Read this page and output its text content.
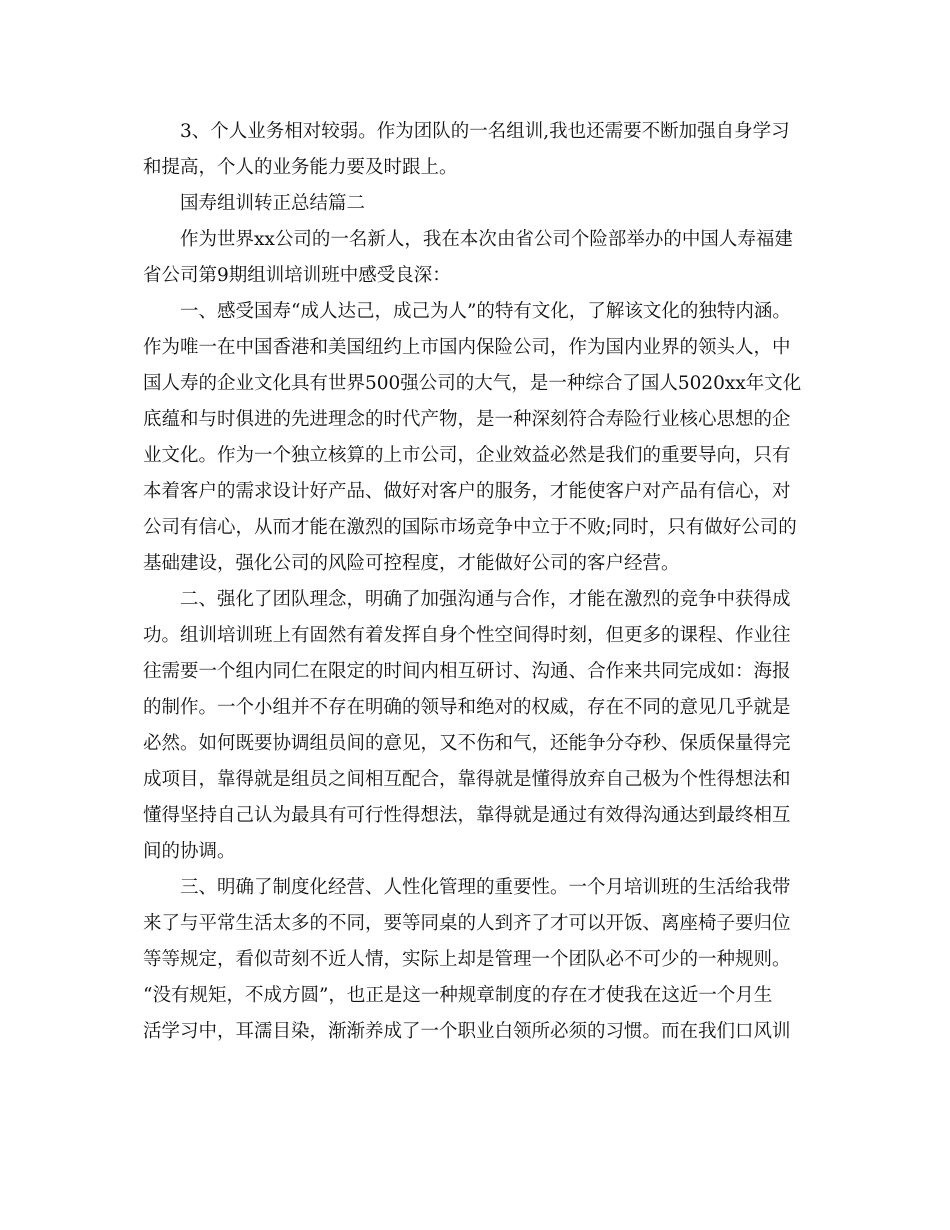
3、个人业务相对较弱。作为团队的一名组训,我也还需要不断加强自身学习
和提高，个人的业务能力要及时跟上。
国寿组训转正总结篇二
作为世界xx公司的一名新人，我在本次由省公司个险部举办的中国人寿福建
省公司第9期组训培训班中感受良深：
一、感受国寿“成人达己，成己为人”的特有文化，了解该文化的独特内涵。
作为唯一在中国香港和美国纽约上市国内保险公司，作为国内业界的领头人，中
国人寿的企业文化具有世界500强公司的大气，是一种综合了国人5020xx年文化
底蕴和与时俱进的先进理念的时代产物，是一种深刻符合寿险行业核心思想的企
业文化。作为一个独立核算的上市公司，企业效益必然是我们的重要导向，只有
本着客户的需求设计好产品、做好对客户的服务，才能使客户对产品有信心，对
公司有信心，从而才能在激烈的国际市场竞争中立于不败;同时，只有做好公司的
基础建设，强化公司的风险可控程度，才能做好公司的客户经营。
二、强化了团队理念，明确了加强沟通与合作，才能在激烈的竞争中获得成
功。组训培训班上有固然有着发挥自身个性空间得时刻，但更多的课程、作业往
往需要一个组内同仁在限定的时间内相互研讨、沟通、合作来共同完成如：海报
的制作。一个小组并不存在明确的领导和绝对的权威，存在不同的意见几乎就是
必然。如何既要协调组员间的意见，又不伤和气，还能争分夺秒、保质保量得完
成项目，靠得就是组员之间相互配合，靠得就是懂得放弃自己极为个性得想法和
懂得坚持自己认为最具有可行性得想法，靠得就是通过有效得沟通达到最终相互
间的协调。
三、明确了制度化经营、人性化管理的重要性。一个月培训班的生活给我带
来了与平常生活太多的不同，要等同桌的人到齐了才可以开饭、离座椅子要归位
等等规定，看似苛刻不近人情，实际上却是管理一个团队必不可少的一种规则。
“没有规矩，不成方圆”，也正是这一种规章制度的存在才使我在这近一个月生
活学习中，耳濡目染，渐渐养成了一个职业白领所必须的习惯。而在我们口风训
